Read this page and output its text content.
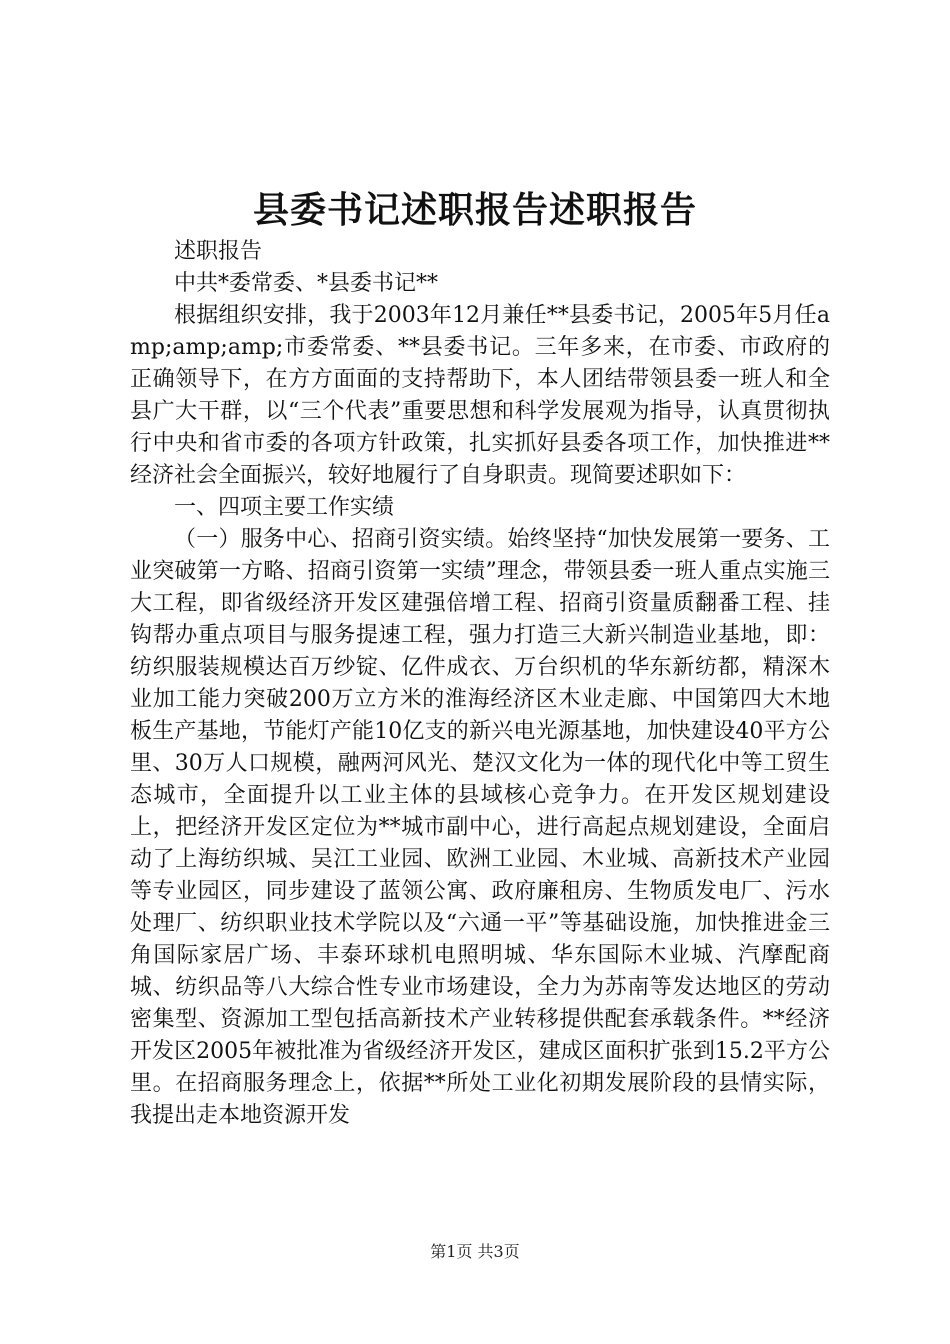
县委书记述职报告述职报告

述职报告

中共*委常委、*县委书记**

根据组织安排，我于2003年12月兼任**县委书记，2005年5月任amp;amp;amp;市委常委、**县委书记。三年多来，在市委、市政府的正确领导下，在方方面面的支持帮助下，本人团结带领县委一班人和全县广大干群，以“三个代表”重要思想和科学发展观为指导，认真贯彻执行中央和省市委的各项方针政策，扎实抓好县委各项工作，加快推进**经济社会全面振兴，较好地履行了自身职责。现简要述职如下：

一、四项主要工作实绩

（一）服务中心、招商引资实绩。始终坚持“加快发展第一要务、工业突破第一方略、招商引资第一实绩”理念，带领县委一班人重点实施三大工程，即省级经济开发区建强倍增工程、招商引资量质翻番工程、挂钩帮办重点项目与服务提速工程，强力打造三大新兴制造业基地，即：纺织服装规模达百万纱锭、亿件成衣、万台织机的华东新纺都，精深木业加工能力突破200万立方米的淮海经济区木业走廊、中国第四大木地板生产基地，节能灯产能10亿支的新兴电光源基地，加快建设40平方公里、30万人口规模，融两河风光、楚汉文化为一体的现代化中等工贸生态城市，全面提升以工业主体的县域核心竞争力。在开发区规划建设上，把经济开发区定位为**城市副中心，进行高起点规划建设，全面启动了上海纺织城、吴江工业园、欧洲工业园、木业城、高新技术产业园等专业园区，同步建设了蓝领公寓、政府廉租房、生物质发电厂、污水处理厂、纺织职业技术学院以及“六通一平”等基础设施，加快推进金三角国际家居广场、丰泰环球机电照明城、华东国际木业城、汽摩配商城、纺织品等八大综合性专业市场建设，全力为苏南等发达地区的劳动密集型、资源加工型包括高新技术产业转移提供配套承载条件。**经济开发区2005年被批准为省级经济开发区，建成区面积扩张到15.2平方公里。在招商服务理念上，依据**所处工业化初期发展阶段的县情实际，我提出走本地资源开发

第1页 共3页
